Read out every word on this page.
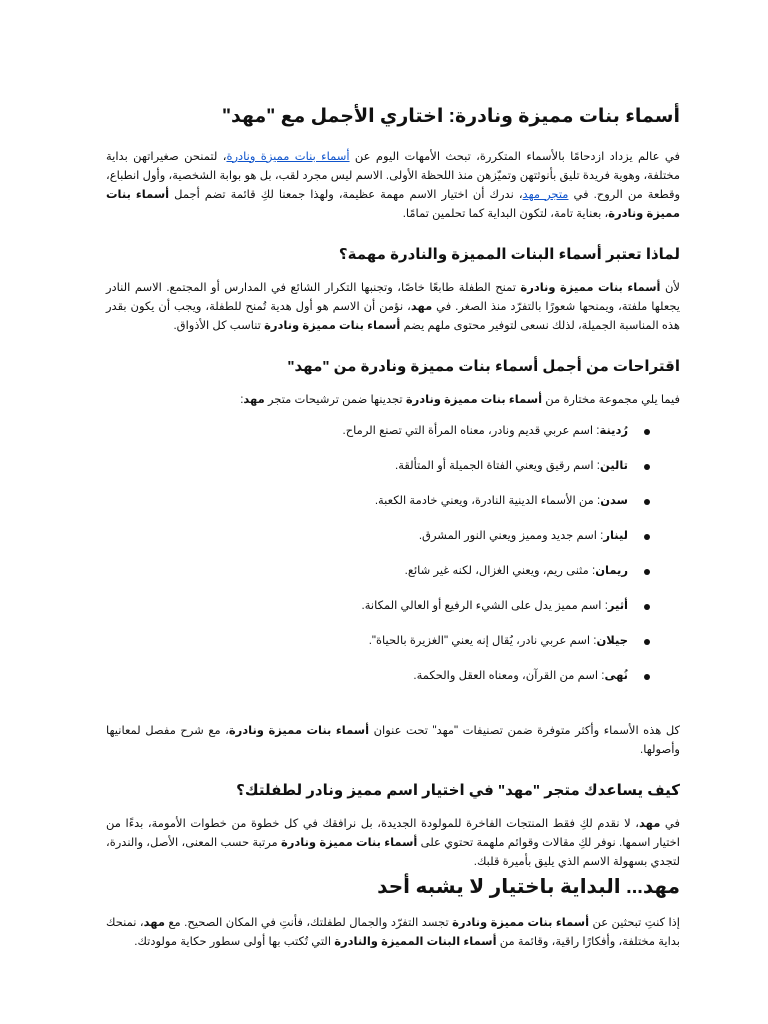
أسماء بنات مميزة ونادرة: اختاري الأجمل مع "مهد"

في عالم يزداد ازدحامًا بالأسماء المتكررة، تبحث الأمهات اليوم عن أسماء بنات مميزة ونادرة، لتمنحن صغيراتهن بداية مختلفة، وهوية فريدة تليق بأنوثتهن وتميّزهن منذ اللحظة الأولى. الاسم ليس مجرد لقب، بل هو بوابة الشخصية، وأول انطباع، وقطعة من الروح. في متجر مهد، ندرك أن اختيار الاسم مهمة عظيمة، ولهذا جمعنا لكِ قائمة تضم أجمل أسماء بنات مميزة ونادرة، بعناية تامة، لتكون البداية كما تحلمين تمامًا.

لماذا تعتبر أسماء البنات المميزة والنادرة مهمة؟

لأن أسماء بنات مميزة ونادرة تمنح الطفلة طابعًا خاصًا، وتجنبها التكرار الشائع في المدارس أو المجتمع. الاسم النادر يجعلها ملفتة، ويمنحها شعورًا بالتفرّد منذ الصغر. في مهد، نؤمن أن الاسم هو أول هدية تُمنح للطفلة، ويجب أن يكون بقدر هذه المناسبة الجميلة، لذلك نسعى لتوفير محتوى ملهم يضم أسماء بنات مميزة ونادرة تناسب كل الأذواق.

اقتراحات من أجمل أسماء بنات مميزة ونادرة من "مهد"

فيما يلي مجموعة مختارة من أسماء بنات مميزة ونادرة تجدينها ضمن ترشيحات متجر مهد:

رُدينة: اسم عربي قديم ونادر، معناه المرأة التي تصنع الرماح.
تالين: اسم رقيق ويعني الفتاة الجميلة أو المتألقة.
سدن: من الأسماء الدينية النادرة، ويعني خادمة الكعبة.
لينار: اسم جديد ومميز ويعني النور المشرق.
ريمان: مثنى ريم، ويعني الغزال، لكنه غير شائع.
أثير: اسم مميز يدل على الشيء الرفيع أو العالي المكانة.
جيلان: اسم عربي نادر، يُقال إنه يعني "الغزيرة بالحياة".
نُهى: اسم من القرآن، ومعناه العقل والحكمة.

كل هذه الأسماء وأكثر متوفرة ضمن تصنيفات "مهد" تحت عنوان أسماء بنات مميزة ونادرة، مع شرح مفصل لمعانيها وأصولها.

كيف يساعدك متجر "مهد" في اختيار اسم مميز ونادر لطفلتك؟

في مهد، لا نقدم لكِ فقط المنتجات الفاخرة للمولودة الجديدة، بل نرافقك في كل خطوة من خطوات الأمومة، بدءًا من اختيار اسمها. نوفر لكِ مقالات وقوائم ملهمة تحتوي على أسماء بنات مميزة ونادرة مرتبة حسب المعنى، الأصل، والندرة، لتجدي بسهولة الاسم الذي يليق بأميرة قلبك.

مهد... البداية باختيار لا يشبه أحد

إذا كنتِ تبحثين عن أسماء بنات مميزة ونادرة تجسد التفرّد والجمال لطفلتك، فأنتِ في المكان الصحيح. مع مهد، نمنحك بداية مختلفة، وأفكارًا راقية، وقائمة من أسماء البنات المميزة والنادرة التي تُكتب بها أولى سطور حكاية مولودتك.
